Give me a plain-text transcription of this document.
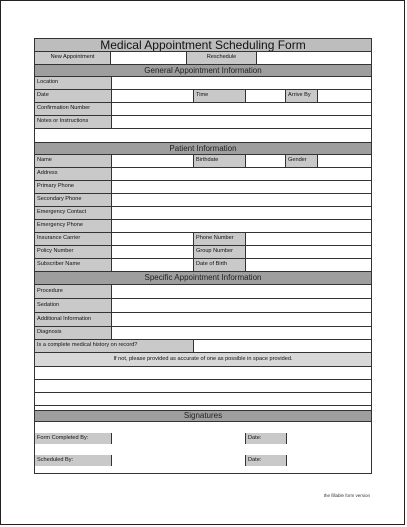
Medical Appointment Scheduling Form
New Appointment	Reschedule
General Appointment Information
Location
Date	Time	Arrive By
Confirmation Number
Notes or Instructions
Patient Information
Name	Birthdate	Gender
Address
Primary Phone
Secondary Phone
Emergency Contact
Emergency Phone
Insurance Carrier	Phone Number
Policy Number	Group Number
Subscriber Name	Date of Birth
Specific Appointment Information
Procedure
Sedation
Additional Information
Diagnosis
Is a complete medical history on record?
If not, please provided as accurate of one as possible in space provided.
Signatures
Form Completed By:	Date:
Scheduled By:	Date:
the fillable form version
